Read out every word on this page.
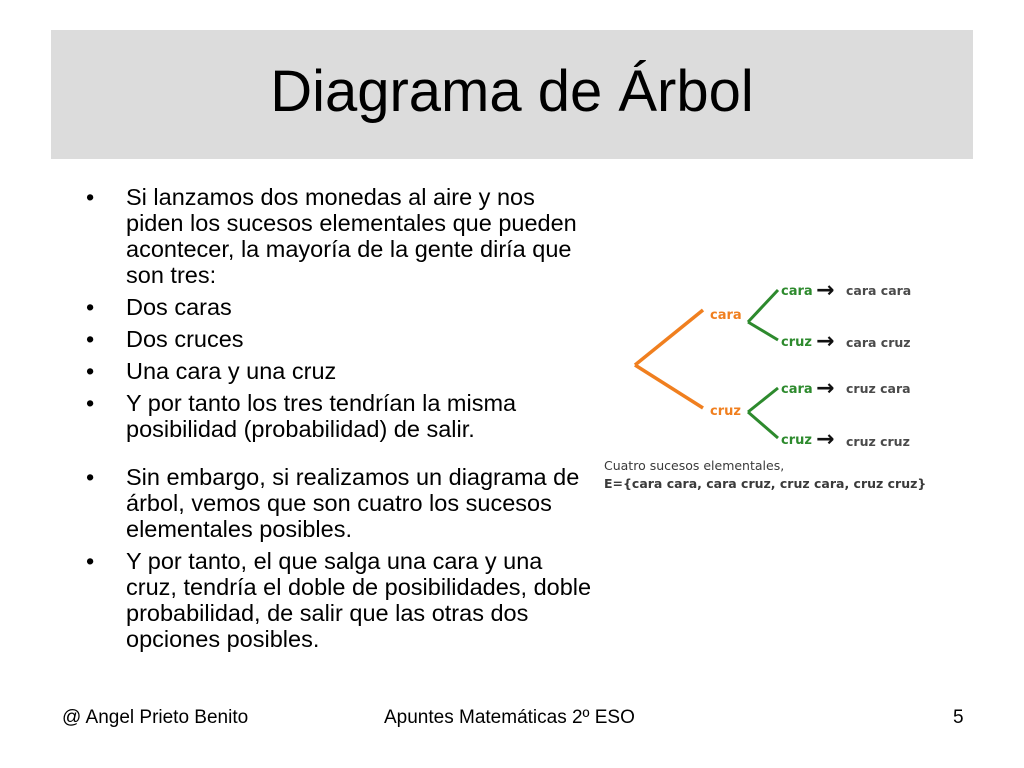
Diagrama de Árbol
• Si lanzamos dos monedas al aire y nos piden los sucesos elementales que pueden acontecer, la mayoría de la gente diría que son tres:
• Dos caras
• Dos cruces
• Una cara y una cruz
• Y por tanto los tres tendrían la misma posibilidad (probabilidad) de salir.
• Sin embargo, si realizamos un diagrama de árbol, vemos que son cuatro los sucesos elementales posibles.
• Y por tanto, el que salga una cara y una cruz, tendría el doble de posibilidades, doble probabilidad, de salir que las otras dos opciones posibles.
cara
cruz
cara
cruz
cara
cruz
→
→
→
→
cara cara
cara cruz
cruz cara
cruz cruz
Cuatro sucesos elementales,
E={cara cara, cara cruz, cruz cara, cruz cruz}
@ Angel Prieto Benito	Apuntes Matemáticas 2º ESO	5
